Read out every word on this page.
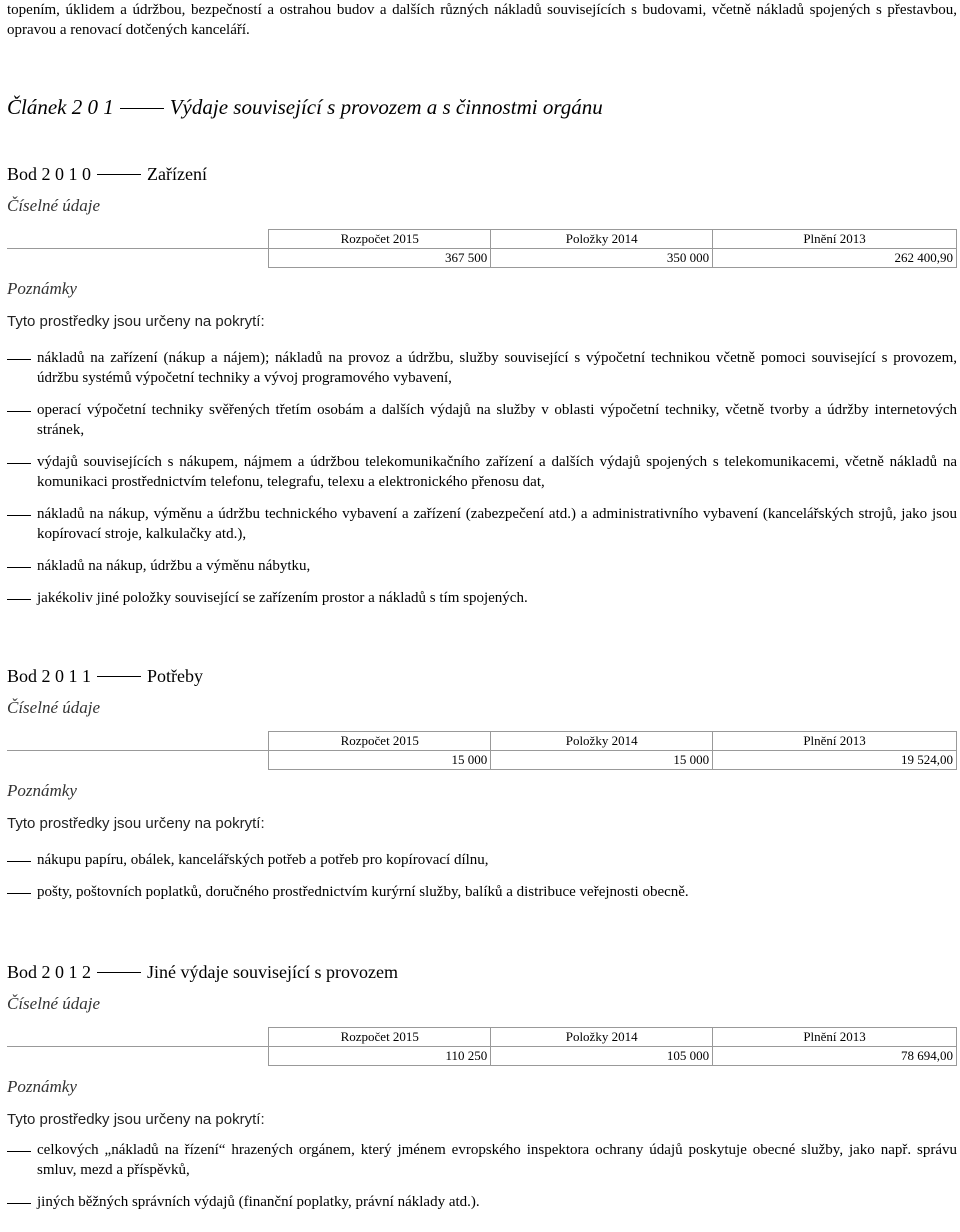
topením, úklidem a údržbou, bezpečností a ostrahou budov a dalších různých nákladů souvisejících s budovami, včetně nákladů spojených s přestavbou, opravou a renovací dotčených kanceláří.

Článek 2 0 1	Výdaje související s provozem a s činnostmi orgánu
Bod 2 0 1 0	Zařízení

Číselné údaje

	Rozpočet 2015	Položky 2014	Plnění 2013
	367 500	350 000	262 400,90

Poznámky

Tyto prostředky jsou určeny na pokrytí:

nákladů na zařízení (nákup a nájem); nákladů na provoz a údržbu, služby související s výpočetní technikou včetně pomoci související s provozem, údržbu systémů výpočetní techniky a vývoj programového vybavení,
operací výpočetní techniky svěřených třetím osobám a dalších výdajů na služby v oblasti výpočetní techniky, včetně tvorby a údržby internetových stránek,
výdajů souvisejících s nákupem, nájmem a údržbou telekomunikačního zařízení a dalších výdajů spojených s telekomunikacemi, včetně nákladů na komunikaci prostřednictvím telefonu, telegrafu, telexu a elektronického přenosu dat,
nákladů na nákup, výměnu a údržbu technického vybavení a zařízení (zabezpečení atd.) a administrativního vybavení (kancelářských strojů, jako jsou kopírovací stroje, kalkulačky atd.),
nákladů na nákup, údržbu a výměnu nábytku,
jakékoliv jiné položky související se zařízením prostor a nákladů s tím spojených.
Bod 2 0 1 1	Potřeby

Číselné údaje

	Rozpočet 2015	Položky 2014	Plnění 2013
	15 000	15 000	19 524,00

Poznámky

Tyto prostředky jsou určeny na pokrytí:

nákupu papíru, obálek, kancelářských potřeb a potřeb pro kopírovací dílnu,
pošty, poštovních poplatků, doručného prostřednictvím kurýrní služby, balíků a distribuce veřejnosti obecně.
Bod 2 0 1 2	Jiné výdaje související s provozem

Číselné údaje

	Rozpočet 2015	Položky 2014	Plnění 2013
	110 250	105 000	78 694,00

Poznámky

Tyto prostředky jsou určeny na pokrytí:

celkových „nákladů na řízení“ hrazených orgánem, který jménem evropského inspektora ochrany údajů poskytuje obecné služby, jako např. správu smluv, mezd a příspěvků,
jiných běžných správních výdajů (finanční poplatky, právní náklady atd.).
